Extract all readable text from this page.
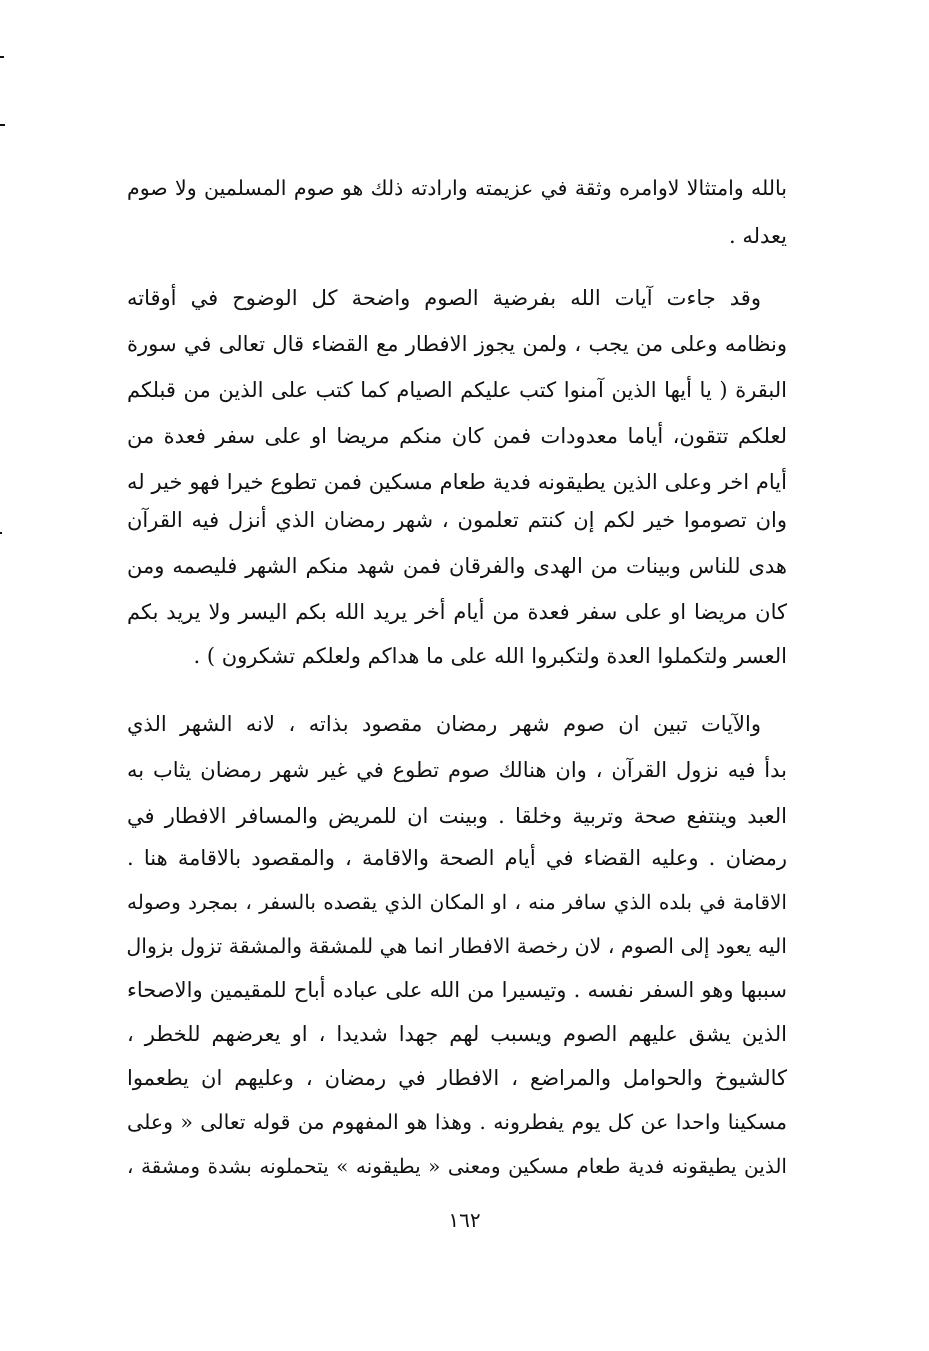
بالله وامتثالا لاوامره وثقة في عزيمته وارادته ذلك هو صوم المسلمين ولا صوم
يعدله .
وقد جاءت آيات الله بفرضية الصوم واضحة كل الوضوح في أوقاته
ونظامه وعلى من يجب ، ولمن يجوز الافطار مع القضاء قال تعالى في سورة
البقرة ( يا أيها الذين آمنوا كتب عليكم الصيام كما كتب على الذين من قبلكم
لعلكم تتقون، أياما معدودات فمن كان منكم مريضا او على سفر فعدة من
أيام اخر وعلى الذين يطيقونه فدية طعام مسكين فمن تطوع خيرا فهو خير له
وان تصوموا خير لكم إن كنتم تعلمون ، شهر رمضان الذي أنزل فيه القرآن
هدى للناس وبينات من الهدى والفرقان فمن شهد منكم الشهر فليصمه ومن
كان مريضا او على سفر فعدة من أيام أخر يريد الله بكم اليسر ولا يريد بكم
العسر ولتكملوا العدة ولتكبروا الله على ما هداكم ولعلكم تشكرون ) .
والآيات تبين ان صوم شهر رمضان مقصود بذاته ، لانه الشهر الذي
بدأ فيه نزول القرآن ، وان هنالك صوم تطوع في غير شهر رمضان يثاب به
العبد وينتفع صحة وتربية وخلقا . وبينت ان للمريض والمسافر الافطار في
رمضان . وعليه القضاء في أيام الصحة والاقامة ، والمقصود بالاقامة هنا .
الاقامة في بلده الذي سافر منه ، او المكان الذي يقصده بالسفر ، بمجرد وصوله
اليه يعود إلى الصوم ، لان رخصة الافطار انما هي للمشقة والمشقة تزول بزوال
سببها وهو السفر نفسه . وتيسيرا من الله على عباده أباح للمقيمين والاصحاء
الذين يشق عليهم الصوم ويسبب لهم جهدا شديدا ، او يعرضهم للخطر ،
كالشيوخ والحوامل والمراضع ، الافطار في رمضان ، وعليهم ان يطعموا
مسكينا واحدا عن كل يوم يفطرونه . وهذا هو المفهوم من قوله تعالى « وعلى
الذين يطيقونه فدية طعام مسكين ومعنى « يطيقونه » يتحملونه بشدة ومشقة ،
١٦٢
